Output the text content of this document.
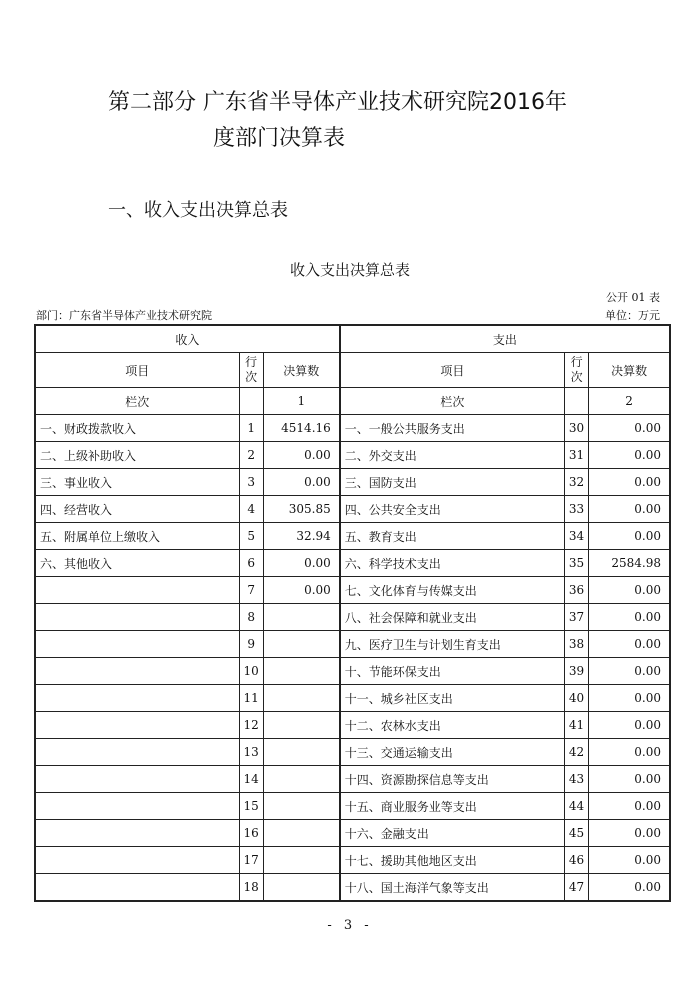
第二部分 广东省半导体产业技术研究院2016年
度部门决算表
一、收入支出决算总表
收入支出决算总表
公开 01 表
部门：广东省半导体产业技术研究院	单位：万元
收入			支出		
项目	行次	决算数	项目	行次	决算数
栏次		1	栏次		2
一、财政拨款收入	1	4514.16	一、一般公共服务支出	30	0.00
二、上级补助收入	2	0.00	二、外交支出	31	0.00
三、事业收入	3	0.00	三、国防支出	32	0.00
四、经营收入	4	305.85	四、公共安全支出	33	0.00
五、附属单位上缴收入	5	32.94	五、教育支出	34	0.00
六、其他收入	6	0.00	六、科学技术支出	35	2584.98
	7	0.00	七、文化体育与传媒支出	36	0.00
	8		八、社会保障和就业支出	37	0.00
	9		九、医疗卫生与计划生育支出	38	0.00
	10		十、节能环保支出	39	0.00
	11		十一、城乡社区支出	40	0.00
	12		十二、农林水支出	41	0.00
	13		十三、交通运输支出	42	0.00
	14		十四、资源勘探信息等支出	43	0.00
	15		十五、商业服务业等支出	44	0.00
	16		十六、金融支出	45	0.00
	17		十七、援助其他地区支出	46	0.00
	18		十八、国土海洋气象等支出	47	0.00
- 3 -
